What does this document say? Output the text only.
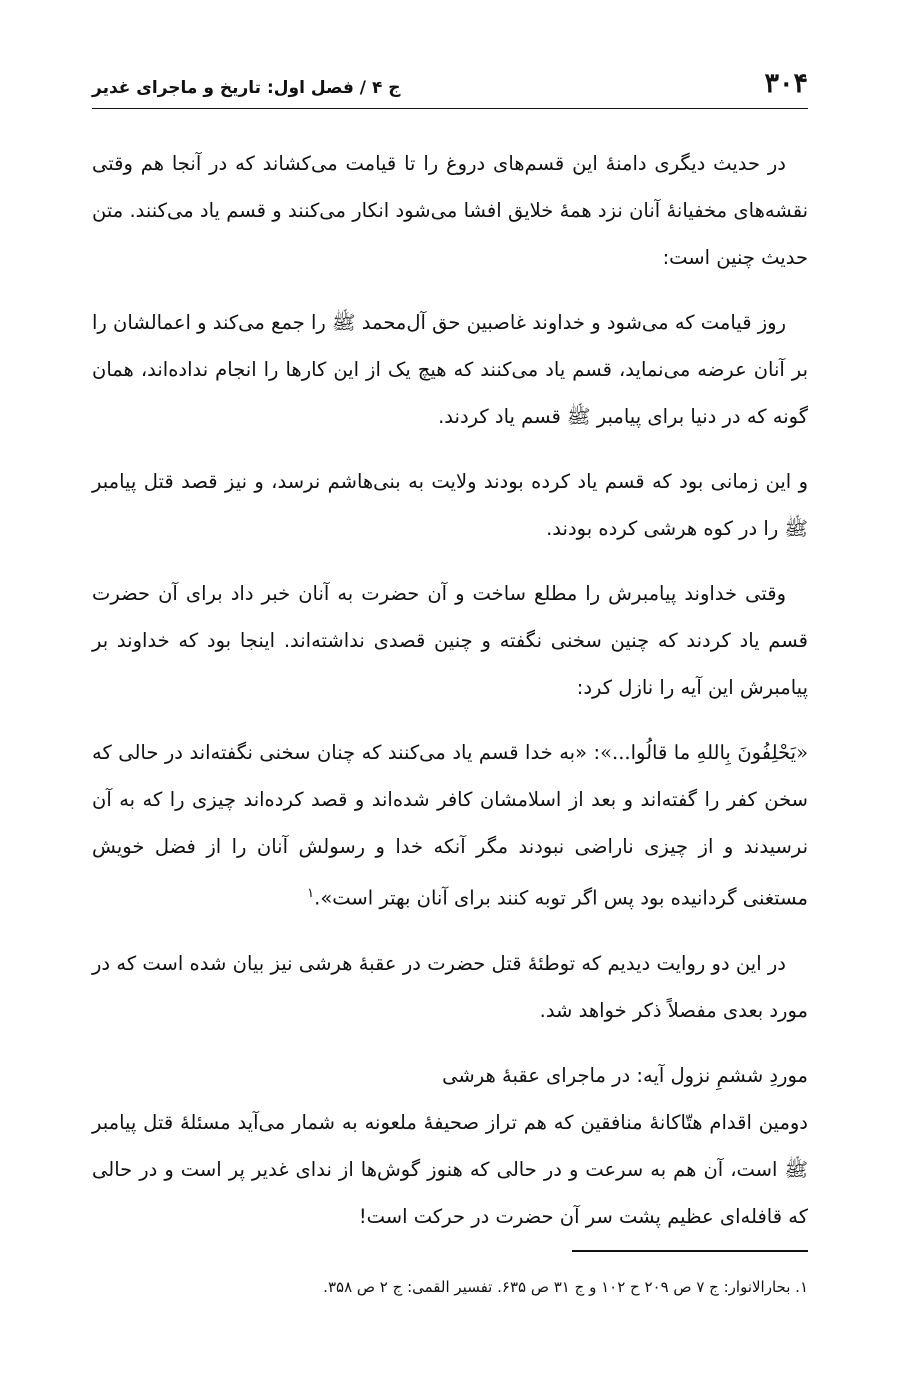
۳۰۴
ج ۴ / فصل اول: تاریخ و ماجرای غدیر

در حدیث دیگری دامنهٔ این قسم‌های دروغ را تا قیامت می‌کشاند که در آنجا هم وقتی نقشه‌های مخفیانهٔ آنان نزد همهٔ خلایق افشا می‌شود انکار می‌کنند و قسم یاد می‌کنند. متن حدیث چنین است:

روز قیامت که می‌شود و خداوند غاصبین حق آل‌محمد ﷺ را جمع می‌کند و اعمالشان را بر آنان عرضه می‌نماید، قسم یاد می‌کنند که هیچ یک از این کارها را انجام نداده‌اند، همان گونه که در دنیا برای پیامبر ﷺ قسم یاد کردند.

و این زمانی بود که قسم یاد کرده بودند ولایت به بنی‌هاشم نرسد، و نیز قصد قتل پیامبر ﷺ را در کوه هرشی کرده بودند.

وقتی خداوند پیامبرش را مطلع ساخت و آن حضرت به آنان خبر داد برای آن حضرت قسم یاد کردند که چنین سخنی نگفته و چنین قصدی نداشته‌اند. اینجا بود که خداوند بر پیامبرش این آیه را نازل کرد:

«یَحْلِفُونَ بِاللهِ ما قالُوا...»: «به خدا قسم یاد می‌کنند که چنان سخنی نگفته‌اند در حالی که سخن کفر را گفته‌اند و بعد از اسلامشان کافر شده‌اند و قصد کرده‌اند چیزی را که به آن نرسیدند و از چیزی ناراضی نبودند مگر آنکه خدا و رسولش آنان را از فضل خویش مستغنی گردانیده بود پس اگر توبه کنند برای آنان بهتر است».$^۱$

در این دو روایت دیدیم که توطئهٔ قتل حضرت در عقبهٔ هرشی نیز بیان شده است که در مورد بعدی مفصلاً ذکر خواهد شد.

موردِ ششمِ نزول آیه: در ماجرای عقبهٔ هرشی

دومین اقدام هتّاکانهٔ منافقین که هم تراز صحیفهٔ ملعونه به شمار می‌آید مسئلهٔ قتل پیامبر ﷺ است، آن هم به سرعت و در حالی که هنوز گوش‌ها از ندای غدیر پر است و در حالی که قافله‌ای عظیم پشت سر آن حضرت در حرکت است!

۱. بحارالانوار: ج ۷ ص ۲۰۹ ح ۱۰۲ و ج ۳۱ ص ۶۳۵. تفسیر القمی: ج ۲ ص ۳۵۸.
